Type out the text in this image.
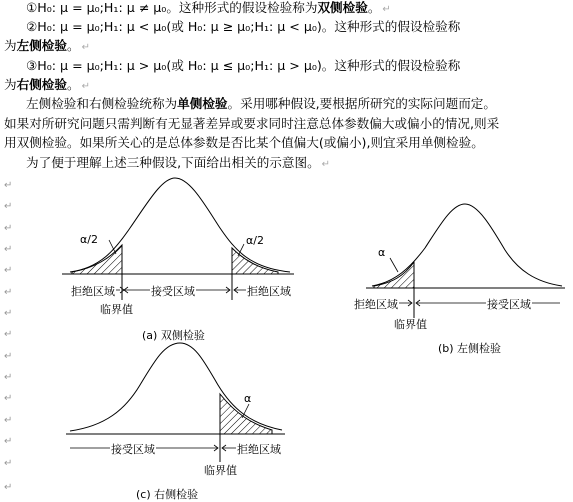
①H₀: μ = μ₀;H₁: μ ≠ μ₀。这种形式的假设检验称为双侧检验。 ↵
②H₀: μ = μ₀;H₁: μ < μ₀(或 H₀: μ ≥ μ₀;H₁: μ < μ₀)。这种形式的假设检验称
为左侧检验。 ↵
③H₀: μ = μ₀;H₁: μ > μ₀(或 H₀: μ ≤ μ₀;H₁: μ > μ₀)。这种形式的假设检验称
为右侧检验。 ↵
左侧检验和右侧检验统称为单侧检验。采用哪种假设,要根据所研究的实际问题而定。
如果对所研究问题只需判断有无显著差异或要求同时注意总体参数偏大或偏小的情况,则采
用双侧检验。如果所关心的是总体参数是否比某个值偏大(或偏小),则宜采用单侧检验。
为了便于理解上述三种假设,下面给出相关的示意图。 ↵
↵
↵
↵
↵
↵
↵
↵
↵
↵
↵
↵
↵
↵
↵
↵
α/2	α/2
拒绝区域	接受区域	拒绝区域
临界值
(a) 双侧检验
α
拒绝区域	接受区域
临界值
(b) 左侧检验
α
接受区域	拒绝区域
临界值
(c) 右侧检验
